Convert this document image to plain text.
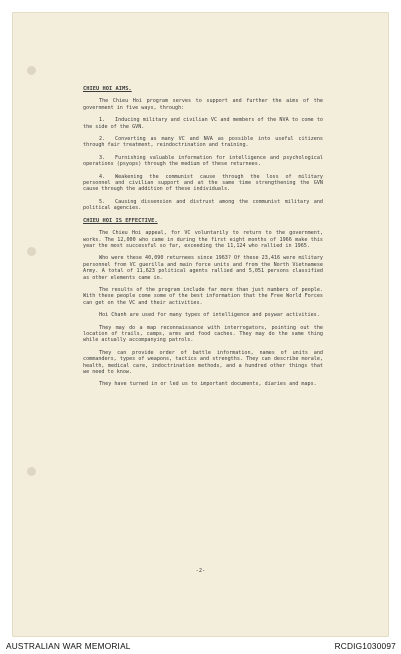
CHIEU HOI AIMS.
The Chieu Hoi program serves to support and further the aims of the government in five ways, through:
1. Inducing military and civilian VC and members of the NVA to come to the side of the GVN.
2. Converting as many VC and NVA as possible into useful citizens through fair treatment, reindoctrination and training.
3. Furnishing valuable information for intelligence and psychological operations (psyops) through the medium of these returnees.
4. Weakening the communist cause through the loss of military personnel and civilian support and at the same time strengthening the GVN cause through the addition of these individuals.
5. Causing dissension and distrust among the communist military and political agencies.
CHIEU HOI IS EFFECTIVE.
The Chieu Hoi appeal, for VC voluntarily to return to the government, works. The 12,000 who came in during the first eight months of 1966 make this year the most successful so far, exceeding the 11,124 who rallied in 1965.
Who were these 40,090 returnees since 1963? Of these 23,416 were military personnel from VC guerilla and main force units and from the North Vietnamese Army. A total of 11,623 political agents rallied and 5,051 persons classified as other elements came in.
The results of the program include far more than just numbers of people. With these people come some of the best information that the Free World Forces can get on the VC and their activities.
Hoi Chanh are used for many types of intelligence and psywar activities.
They may do a map reconnaissance with interrogators, pointing out the location of trails, camps, arms and food caches. They may do the same thing while actually accompanying patrols.
They can provide order of battle information, names of units and commanders, types of weapons, tactics and strengths. They can describe morale, health, medical care, indoctrination methods, and a hundred other things that we need to know.
They have turned in or led us to important documents, diaries and maps.
-2-
AUSTRALIAN WAR MEMORIAL	RCDIG1030097
